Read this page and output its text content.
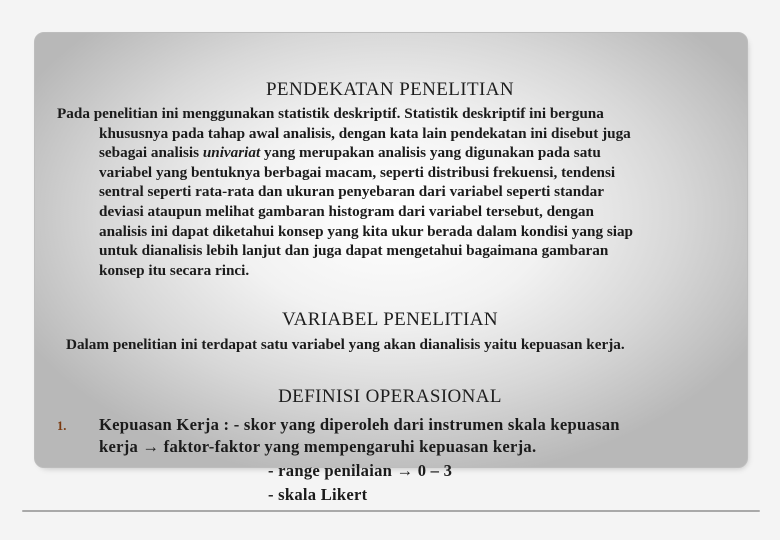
PENDEKATAN PENELITIAN
Pada penelitian ini menggunakan statistik deskriptif. Statistik deskriptif ini berguna
khususnya pada tahap awal analisis, dengan kata lain pendekatan ini disebut juga
sebagai analisis univariat yang merupakan analisis yang digunakan pada satu
variabel yang bentuknya berbagai macam, seperti distribusi frekuensi, tendensi
sentral seperti rata-rata dan ukuran penyebaran dari variabel seperti standar
deviasi ataupun melihat gambaran histogram dari variabel tersebut, dengan
analisis ini dapat diketahui konsep yang kita ukur berada dalam kondisi yang siap
untuk dianalisis lebih lanjut dan juga dapat mengetahui bagaimana gambaran
konsep itu secara rinci.
VARIABEL PENELITIAN
Dalam penelitian ini terdapat satu variabel yang akan dianalisis yaitu kepuasan kerja.
DEFINISI OPERASIONAL
1. Kepuasan Kerja : - skor yang diperoleh dari instrumen skala kepuasan
kerja → faktor-faktor yang mempengaruhi kepuasan kerja.
- range penilaian → 0 – 3
- skala Likert
